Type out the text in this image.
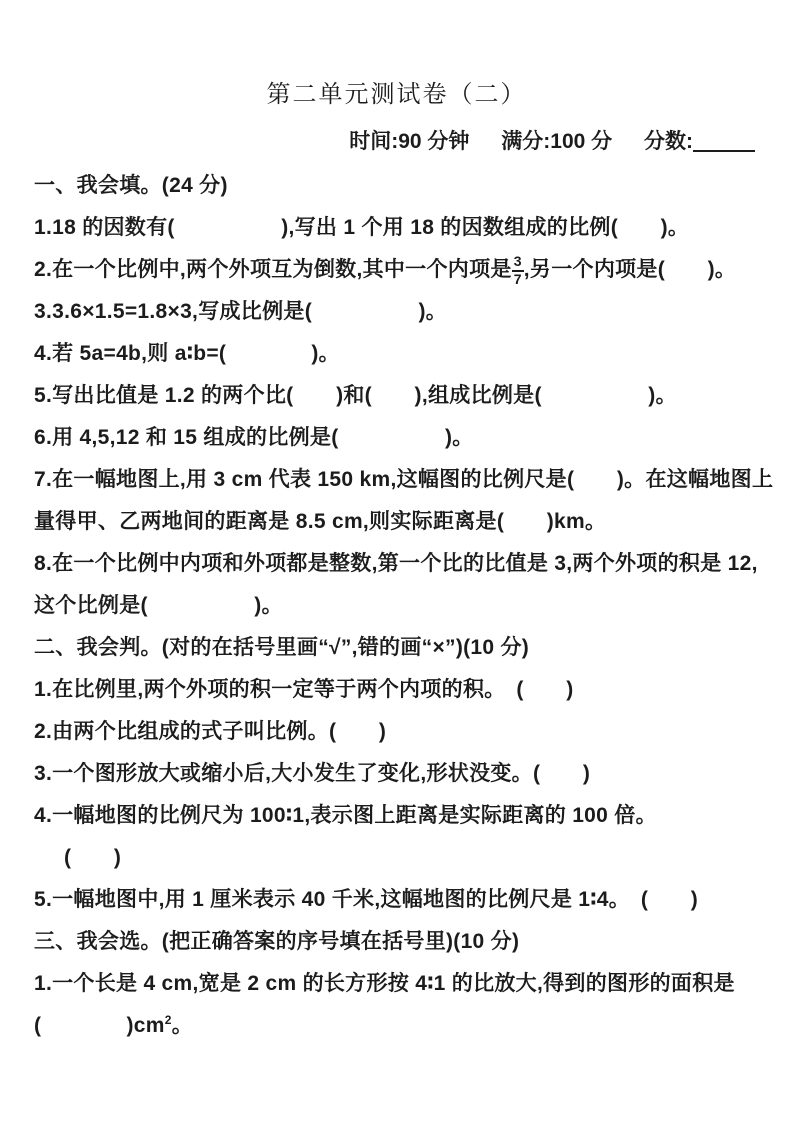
第二单元测试卷（二）
时间:90 分钟 满分:100 分 分数:
一、我会填。(24 分)
1.18 的因数有(　　　　　),写出 1 个用 18 的因数组成的比例(　　)。
2.在一个比例中,两个外项互为倒数,其中一个内项是 $\frac{3}{7}$ ,另一个内项是(　　)。
3.3.6×1.5=1.8×3,写成比例是(　　　　　)。
4.若 5a=4b,则 a∶b=(　　　　)。
5.写出比值是 1.2 的两个比(　　)和(　　),组成比例是(　　　　　)。
6.用 4,5,12 和 15 组成的比例是(　　　　　)。
7.在一幅地图上,用 3 cm 代表 150 km,这幅图的比例尺是(　　)。在这幅地图上
量得甲、乙两地间的距离是 8.5 cm,则实际距离是(　　)km。
8.在一个比例中内项和外项都是整数,第一个比的比值是 3,两个外项的积是 12,
这个比例是(　　　　　)。
二、我会判。(对的在括号里画“√”,错的画“×”)(10 分)
1.在比例里,两个外项的积一定等于两个内项的积。　(　　)
2.由两个比组成的式子叫比例。(　　)
3.一个图形放大或缩小后,大小发生了变化,形状没变。(　　)
4.一幅地图的比例尺为 100∶1,表示图上距离是实际距离的 100 倍。
(　　)
5.一幅地图中,用 1 厘米表示 40 千米,这幅地图的比例尺是 1∶4。　(　　)
三、我会选。(把正确答案的序号填在括号里)(10 分)
1.一个长是 4 cm,宽是 2 cm 的长方形按 4∶1 的比放大,得到的图形的面积是
(　　　　)$cm^2$。
